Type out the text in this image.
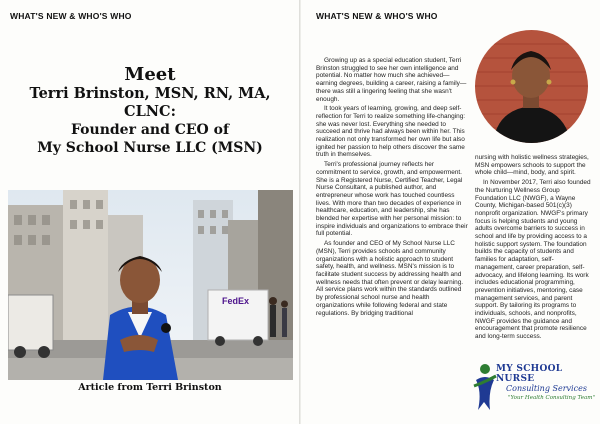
WHAT'S NEW & WHO'S WHO
Meet
Terri Brinston, MSN, RN, MA,
CLNC:
Founder and CEO of
My School Nurse LLC (MSN)
FedEx
Article from Terri Brinston
WHAT'S NEW & WHO'S WHO

Growing up as a special education student, Terri Brinston struggled to see her own intelligence and potential. No matter how much she achieved—earning degrees, building a career, raising a family—there was still a lingering feeling that she wasn't enough.

It took years of learning, growing, and deep self-reflection for Terri to realize something life-changing: she was never lost. Everything she needed to succeed and thrive had always been within her. This realization not only transformed her own life but also ignited her passion to help others discover the same truth in themselves.

Terri's professional journey reflects her commitment to service, growth, and empowerment. She is a Registered Nurse, Certified Teacher, Legal Nurse Consultant, a published author, and entrepreneur whose work has touched countless lives. With more than two decades of experience in healthcare, education, and leadership, she has blended her expertise with her personal mission: to inspire individuals and organizations to embrace their full potential.

As founder and CEO of My School Nurse LLC (MSN), Terri provides schools and community organizations with a holistic approach to student safety, health, and wellness. MSN's mission is to facilitate student success by addressing health and wellness needs that often prevent or delay learning. All service plans work within the standards outlined by professional school nurse and health organizations while following federal and state regulations. By bridging traditional

nursing with holistic wellness strategies, MSN empowers schools to support the whole child—mind, body, and spirit.

In November 2017, Terri also founded the Nurturing Wellness Group Foundation LLC (NWGF), a Wayne County, Michigan-based 501(c)(3) nonprofit organization. NWGF's primary focus is helping students and young adults overcome barriers to success in school and life by providing access to a holistic support system. The foundation builds the capacity of students and families for adaptation, self-management, career preparation, self-advocacy, and lifelong learning. Its work includes educational programming, prevention initiatives, mentoring, case management services, and parent support. By tailoring its programs to individuals, schools, and nonprofits, NWGF provides the guidance and encouragement that promote resilience and long-term success.

MY SCHOOL NURSE
Consulting Services
"Your Health Consulting Team"
